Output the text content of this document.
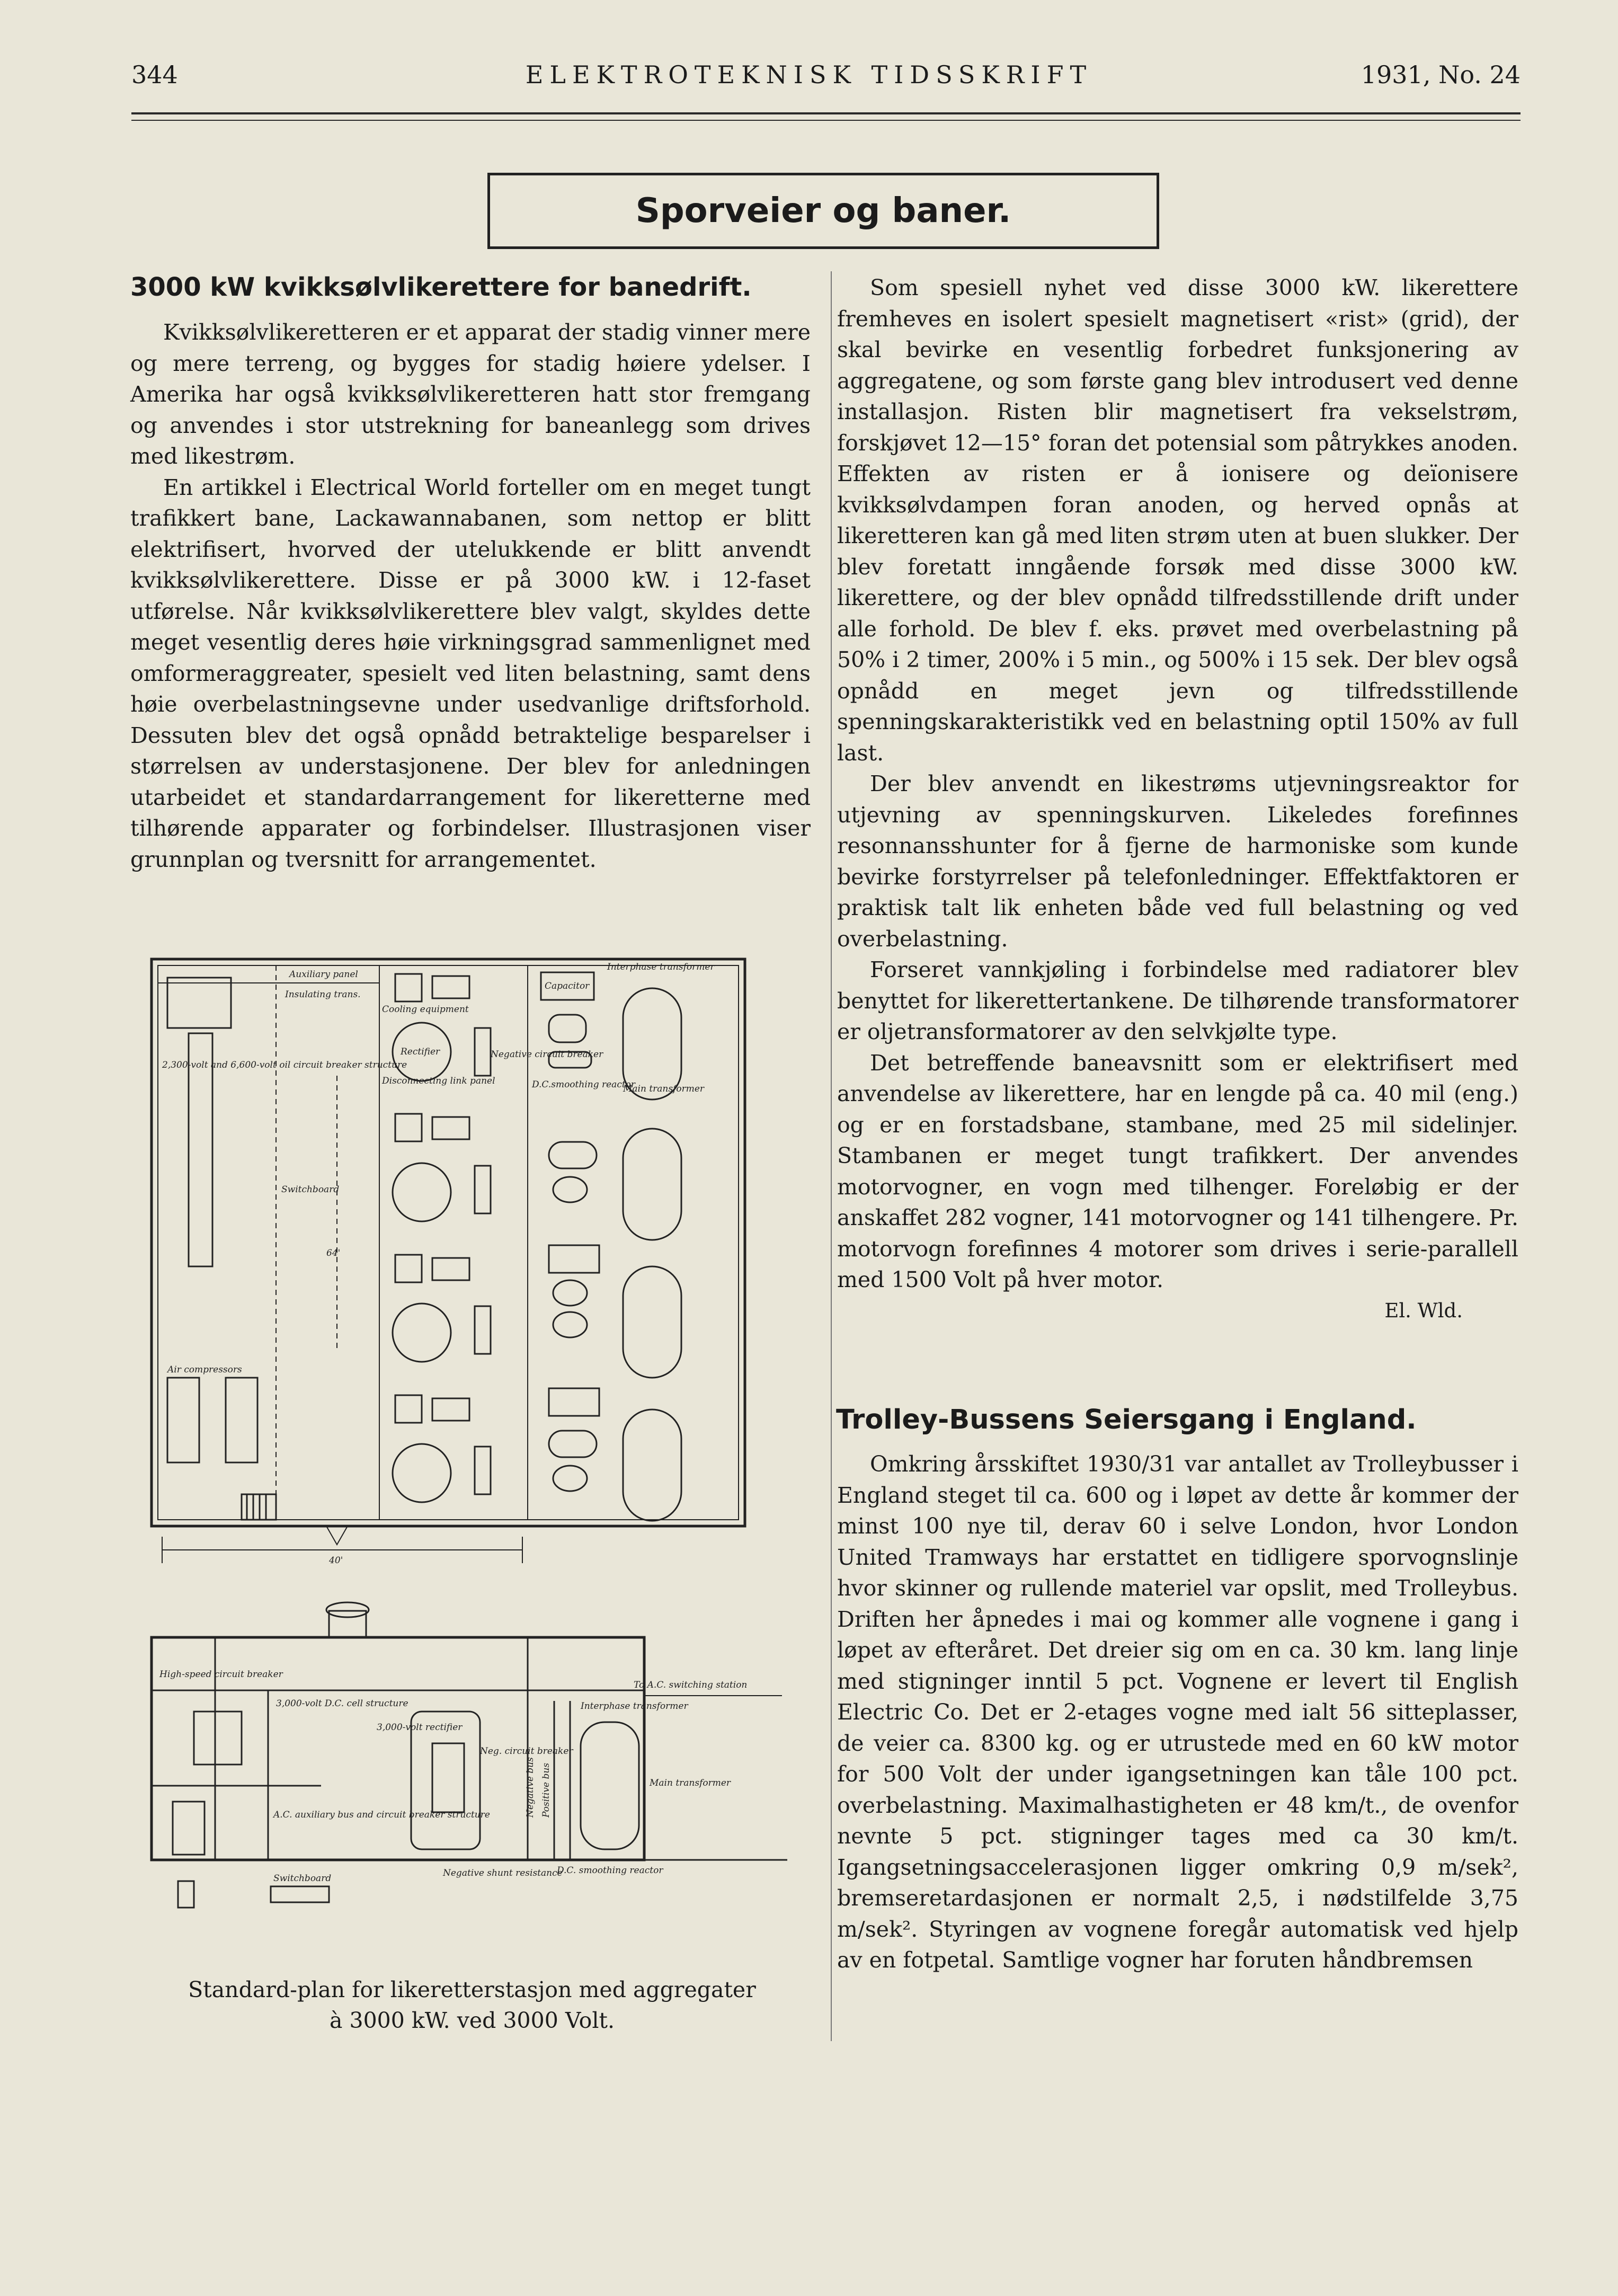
344	ELEKTROTEKNISK TIDSSKRIFT	1931, No. 24
Sporveier og baner.
3000 kW kvikksølvlikerettere for banedrift.

Kvikksølvlikeretteren er et apparat der stadig vinner mere og mere terreng, og bygges for stadig høiere ydelser. I Amerika har også kvikksølvlikeretteren hatt stor fremgang og anvendes i stor utstrekning for baneanlegg som drives med likestrøm.

En artikkel i Electrical World forteller om en meget tungt trafikkert bane, Lackawannabanen, som nettop er blitt elektrifisert, hvorved der utelukkende er blitt anvendt kvikksølvlikerettere. Disse er på 3000 kW. i 12-faset utførelse. Når kvikksølvlikerettere blev valgt, skyldes dette meget vesentlig deres høie virkningsgrad sammenlignet med omformeraggreater, spesielt ved liten belastning, samt dens høie overbelastningsevne under usedvanlige driftsforhold. Dessuten blev det også opnådd betraktelige besparelser i størrelsen av understasjonene. Der blev for anledningen utarbeidet et standardarrangement for likeretterne med tilhørende apparater og forbindelser. Illustrasjonen viser grunnplan og tversnitt for arrangementet.

Auxiliary panel
Insulating trans.
Cooling equipment
Rectifier	Negative circuit breaker
Disconnecting link panel
Capacitor
Interphase transformer
D.C.smoothing reactor
Main transformer
2,300-volt and 6,600-volt oil circuit breaker structure
Switchboard
Air compressors
64'
40'
High-speed circuit breaker
3,000-volt D.C. cell structure
3,000-volt rectifier
To A.C. switching station
Interphase transformer
Neg. circuit breaker
A.C. auxiliary bus and circuit breaker structure
Switchboard
Main transformer
Negative bus Positive bus
D.C. smoothing reactor
Negative shunt resistance
Standard-plan for likeretterstasjon med aggregater
à 3000 kW. ved 3000 Volt.

Som spesiell nyhet ved disse 3000 kW. likerettere fremheves en isolert spesielt magnetisert «rist» (grid), der skal bevirke en vesentlig forbedret funksjonering av aggregatene, og som første gang blev introdusert ved denne installasjon. Risten blir magnetisert fra vekselstrøm, forskjøvet 12—15° foran det potensial som påtrykkes anoden. Effekten av risten er å ionisere og deïonisere kvikksølvdampen foran anoden, og herved opnås at likeretteren kan gå med liten strøm uten at buen slukker. Der blev foretatt inngående forsøk med disse 3000 kW. likerettere, og der blev opnådd tilfredsstillende drift under alle forhold. De blev f. eks. prøvet med overbelastning på 50% i 2 timer, 200% i 5 min., og 500% i 15 sek. Der blev også opnådd en meget jevn og tilfredsstillende spenningskarakteristikk ved en belastning optil 150% av full last.

Der blev anvendt en likestrøms utjevningsreaktor for utjevning av spenningskurven. Likeledes forefinnes resonnansshunter for å fjerne de harmoniske som kunde bevirke forstyrrelser på telefonledninger. Effektfaktoren er praktisk talt lik enheten både ved full belastning og ved overbelastning.

Forseret vannkjøling i forbindelse med radiatorer blev benyttet for likerettertankene. De tilhørende transformatorer er oljetransformatorer av den selvkjølte type.

Det betreffende baneavsnitt som er elektrifisert med anvendelse av likerettere, har en lengde på ca. 40 mil (eng.) og er en forstadsbane, stambane, med 25 mil sidelinjer. Stambanen er meget tungt trafikkert. Der anvendes motorvogner, en vogn med tilhenger. Foreløbig er der anskaffet 282 vogner, 141 motorvogner og 141 tilhengere. Pr. motorvogn forefinnes 4 motorer som drives i serie-parallell med 1500 Volt på hver motor.

El. Wld.
Trolley-Bussens Seiersgang i England.

Omkring årsskiftet 1930/31 var antallet av Trolleybusser i England steget til ca. 600 og i løpet av dette år kommer der minst 100 nye til, derav 60 i selve London, hvor London United Tramways har erstattet en tidligere sporvognslinje hvor skinner og rullende materiel var opslit, med Trolleybus. Driften her åpnedes i mai og kommer alle vognene i gang i løpet av efteråret. Det dreier sig om en ca. 30 km. lang linje med stigninger inntil 5 pct. Vognene er levert til English Electric Co. Det er 2-etages vogne med ialt 56 sitteplasser, de veier ca. 8300 kg. og er utrustede med en 60 kW motor for 500 Volt der under igangsetningen kan tåle 100 pct. overbelastning. Maximalhastigheten er 48 km/t., de ovenfor nevnte 5 pct. stigninger tages med ca 30 km/t. Igangsetningsaccelerasjonen ligger omkring 0,9 m/sek², bremseretardasjonen er normalt 2,5, i nødstilfelde 3,75 m/sek². Styringen av vognene foregår automatisk ved hjelp av en fotpetal. Samtlige vogner har foruten håndbremsen
